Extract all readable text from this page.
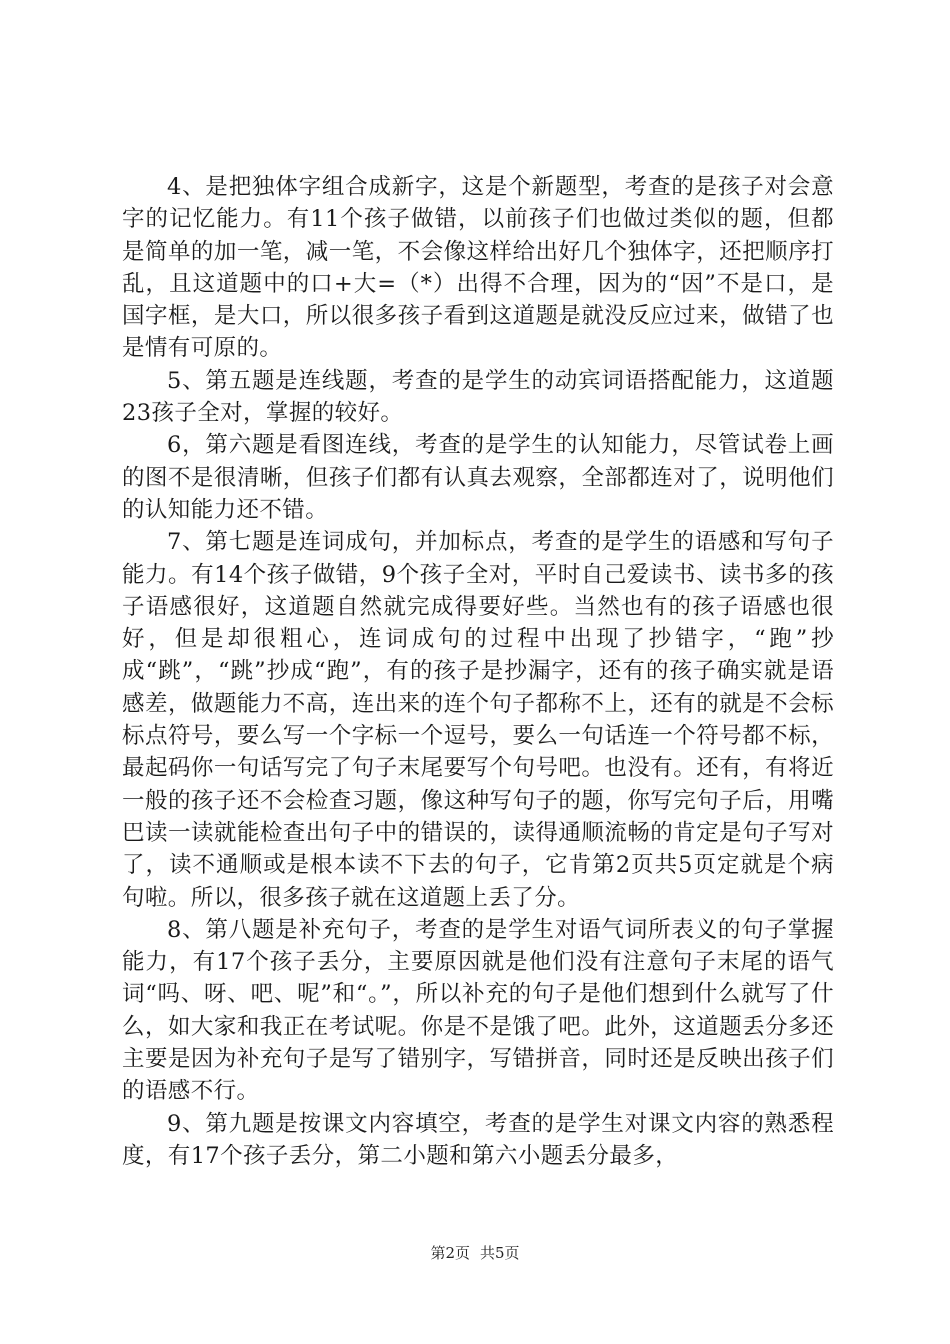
4、是把独体字组合成新字，这是个新题型，考查的是孩子对会意字的记忆能力。有11个孩子做错，以前孩子们也做过类似的题，但都是简单的加一笔，减一笔，不会像这样给出好几个独体字，还把顺序打乱，且这道题中的口+大=（*）出得不合理，因为的“因”不是口，是国字框，是大口，所以很多孩子看到这道题是就没反应过来，做错了也是情有可原的。

5、第五题是连线题，考查的是学生的动宾词语搭配能力，这道题23孩子全对，掌握的较好。

6，第六题是看图连线，考查的是学生的认知能力，尽管试卷上画的图不是很清晰，但孩子们都有认真去观察，全部都连对了，说明他们的认知能力还不错。

7、第七题是连词成句，并加标点，考查的是学生的语感和写句子能力。有14个孩子做错，9个孩子全对，平时自己爱读书、读书多的孩子语感很好，这道题自然就完成得要好些。当然也有的孩子语感也很好，但是却很粗心，连词成句的过程中出现了抄错字，“跑”抄成“跳”，“跳”抄成“跑”，有的孩子是抄漏字，还有的孩子确实就是语感差，做题能力不高，连出来的连个句子都称不上，还有的就是不会标标点符号，要么写一个字标一个逗号，要么一句话连一个符号都不标，最起码你一句话写完了句子末尾要写个句号吧。也没有。还有，有将近一般的孩子还不会检查习题，像这种写句子的题，你写完句子后，用嘴巴读一读就能检查出句子中的错误的，读得通顺流畅的肯定是句子写对了，读不通顺或是根本读不下去的句子，它肯第2页共5页定就是个病句啦。所以，很多孩子就在这道题上丢了分。

8、第八题是补充句子，考查的是学生对语气词所表义的句子掌握能力，有17个孩子丢分，主要原因就是他们没有注意句子末尾的语气词“吗、呀、吧、呢”和“。”，所以补充的句子是他们想到什么就写了什么，如大家和我正在考试呢。你是不是饿了吧。此外，这道题丢分多还主要是因为补充句子是写了错别字，写错拼音，同时还是反映出孩子们的语感不行。

9、第九题是按课文内容填空，考查的是学生对课文内容的熟悉程度，有17个孩子丢分，第二小题和第六小题丢分最多，

第2页 共5页
